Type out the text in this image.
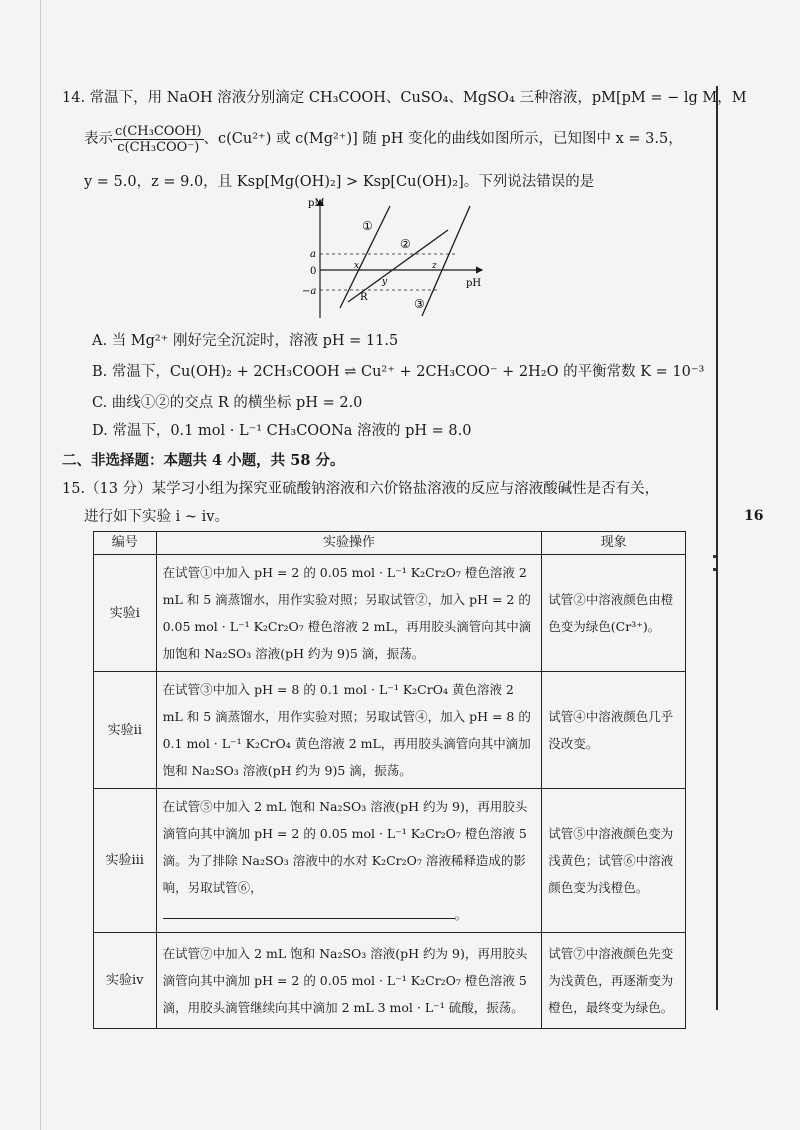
16
14. 常温下，用 NaOH 溶液分别滴定 CH₃COOH、CuSO₄、MgSO₄ 三种溶液，pM[pM = − lg M，M
表示 $\frac{\text{c(CH₃COOH)}}{\text{c(CH₃COO⁻)}}$ 、c(Cu²⁺) 或 c(Mg²⁺)] 随 pH 变化的曲线如图所示，已知图中 x = 3.5，
y = 5.0，z = 9.0，且 Ksp[Mg(OH)₂] > Ksp[Cu(OH)₂]。下列说法错误的是
pM
pH
a
0
−a
①
②
③
x
y
z
R
A. 当 Mg²⁺ 刚好完全沉淀时，溶液 pH = 11.5
B. 常温下，Cu(OH)₂ + 2CH₃COOH ⇌ Cu²⁺ + 2CH₃COO⁻ + 2H₂O 的平衡常数 K = 10⁻³
C. 曲线①②的交点 R 的横坐标 pH = 2.0
D. 常温下，0.1 mol · L⁻¹ CH₃COONa 溶液的 pH = 8.0
二、非选择题：本题共 4 小题，共 58 分。
15.（13 分）某学习小组为探究亚硫酸钠溶液和六价铬盐溶液的反应与溶液酸碱性是否有关，
进行如下实验 ⅰ ~ ⅳ。
编号	实验操作	现象
实验ⅰ	在试管①中加入 pH = 2 的 0.05 mol · L⁻¹ K₂Cr₂O₇ 橙色溶液 2 mL 和 5 滴蒸馏水，用作实验对照；另取试管②，加入 pH = 2 的 0.05 mol · L⁻¹ K₂Cr₂O₇ 橙色溶液 2 mL，再用胶头滴管向其中滴加饱和 Na₂SO₃ 溶液(pH 约为 9)5 滴，振荡。	试管②中溶液颜色由橙色变为绿色(Cr³⁺)。
实验ⅱ	在试管③中加入 pH = 8 的 0.1 mol · L⁻¹ K₂CrO₄ 黄色溶液 2 mL 和 5 滴蒸馏水，用作实验对照；另取试管④，加入 pH = 8 的 0.1 mol · L⁻¹ K₂CrO₄ 黄色溶液 2 mL，再用胶头滴管向其中滴加饱和 Na₂SO₃ 溶液(pH 约为 9)5 滴，振荡。	试管④中溶液颜色几乎没改变。
实验ⅲ	在试管⑤中加入 2 mL 饱和 Na₂SO₃ 溶液(pH 约为 9)，再用胶头滴管向其中滴加 pH = 2 的 0.05 mol · L⁻¹ K₂Cr₂O₇ 橙色溶液 5 滴。为了排除 Na₂SO₃ 溶液中的水对 K₂Cr₂O₇ 溶液稀释造成的影响，另取试管⑥，。	试管⑤中溶液颜色变为浅黄色；试管⑥中溶液颜色变为浅橙色。
实验ⅳ	在试管⑦中加入 2 mL 饱和 Na₂SO₃ 溶液(pH 约为 9)，再用胶头滴管向其中滴加 pH = 2 的 0.05 mol · L⁻¹ K₂Cr₂O₇ 橙色溶液 5 滴，用胶头滴管继续向其中滴加 2 mL 3 mol · L⁻¹ 硫酸，振荡。	试管⑦中溶液颜色先变为浅黄色，再逐渐变为橙色，最终变为绿色。
